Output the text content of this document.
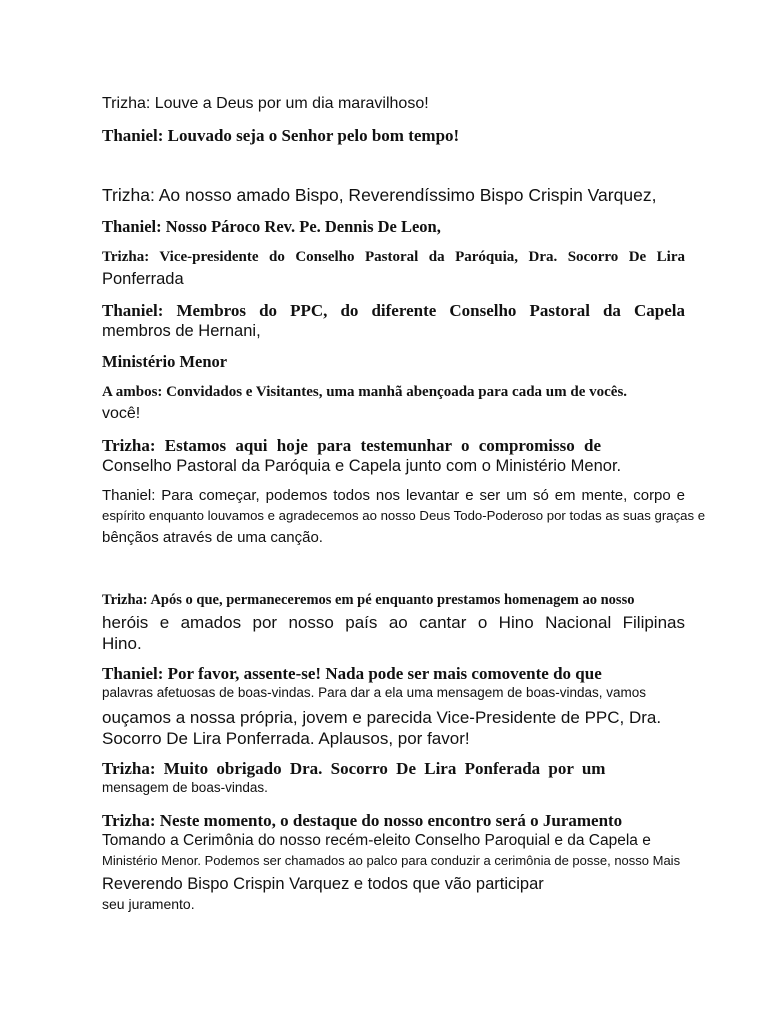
Trizha: Louve a Deus por um dia maravilhoso!

Thaniel: Louvado seja o Senhor pelo bom tempo!

Trizha: Ao nosso amado Bispo, Reverendíssimo Bispo Crispin Varquez,

Thaniel: Nosso Pároco Rev. Pe. Dennis De Leon,

Trizha: Vice-presidente do Conselho Pastoral da Paróquia, Dra. Socorro De Lira

Ponferrada

Thaniel: Membros do PPC, do diferente Conselho Pastoral da Capela

membros de Hernani,

Ministério Menor

A ambos: Convidados e Visitantes, uma manhã abençoada para cada um de vocês.

você!

Trizha: Estamos aqui hoje para testemunhar o compromisso de

Conselho Pastoral da Paróquia e Capela junto com o Ministério Menor.

Thaniel: Para começar, podemos todos nos levantar e ser um só em mente, corpo e

espírito enquanto louvamos e agradecemos ao nosso Deus Todo-Poderoso por todas as suas graças e

bênçãos através de uma canção.

Trizha: Após o que, permaneceremos em pé enquanto prestamos homenagem ao nosso

heróis e amados por nosso país ao cantar o Hino Nacional Filipinas

Hino.

Thaniel: Por favor, assente-se! Nada pode ser mais comovente do que

palavras afetuosas de boas-vindas. Para dar a ela uma mensagem de boas-vindas, vamos

ouçamos a nossa própria, jovem e parecida Vice-Presidente de PPC, Dra.

Socorro De Lira Ponferrada. Aplausos, por favor!

Trizha: Muito obrigado Dra. Socorro De Lira Ponferada por um

mensagem de boas-vindas.

Trizha: Neste momento, o destaque do nosso encontro será o Juramento

Tomando a Cerimônia do nosso recém-eleito Conselho Paroquial e da Capela e

Ministério Menor. Podemos ser chamados ao palco para conduzir a cerimônia de posse, nosso Mais

Reverendo Bispo Crispin Varquez e todos que vão participar

seu juramento.
